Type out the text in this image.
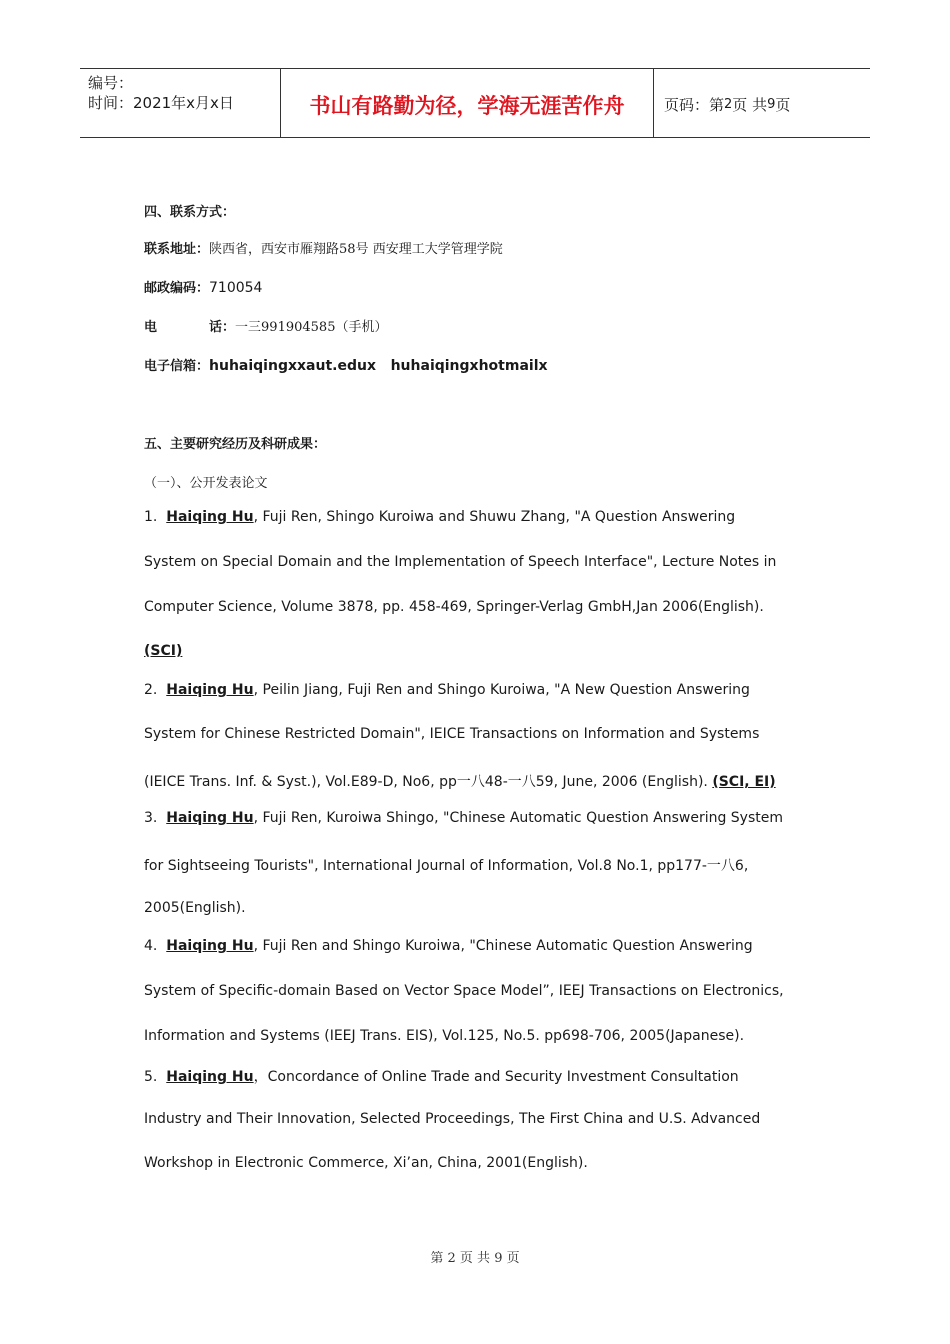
编号：
时间：2021年x月x日	书山有路勤为径，学海无涯苦作舟	页码：第 2 页 共 9 页
四、联系方式：
联系地址：陕西省，西安市雁翔路58号 西安理工大学管理学院
邮政编码：710054
电	话：一三991904585（手机）
电子信箱：huhaiqingxxaut.edux   huhaiqingxhotmailx
五、主要研究经历及科研成果：
（一）、公开发表论文
1. Haiqing Hu, Fuji Ren, Shingo Kuroiwa and Shuwu Zhang, "A Question Answering
System on Special Domain and the Implementation of Speech Interface", Lecture Notes in
Computer Science, Volume 3878, pp. 458-469, Springer-Verlag GmbH,Jan 2006(English).
(SCI)
2. Haiqing Hu, Peilin Jiang, Fuji Ren and Shingo Kuroiwa, "A New Question Answering
System for Chinese Restricted Domain", IEICE Transactions on Information and Systems
(IEICE Trans. Inf. & Syst.), Vol.E89-D, No6, pp一八48-一八59, June, 2006 (English). (SCI, EI)
3. Haiqing Hu, Fuji Ren, Kuroiwa Shingo, "Chinese Automatic Question Answering System
for Sightseeing Tourists", International Journal of Information, Vol.8 No.1, pp177-一八6,
2005(English).
4. Haiqing Hu, Fuji Ren and Shingo Kuroiwa, "Chinese Automatic Question Answering
System of Specific-domain Based on Vector Space Model”, IEEJ Transactions on Electronics,
Information and Systems (IEEJ Trans. EIS), Vol.125, No.5. pp698-706, 2005(Japanese).
5. Haiqing Hu，Concordance of Online Trade and Security Investment Consultation
Industry and Their Innovation, Selected Proceedings, The First China and U.S. Advanced
Workshop in Electronic Commerce, Xi’an, China, 2001(English).
第 2 页 共 9 页
